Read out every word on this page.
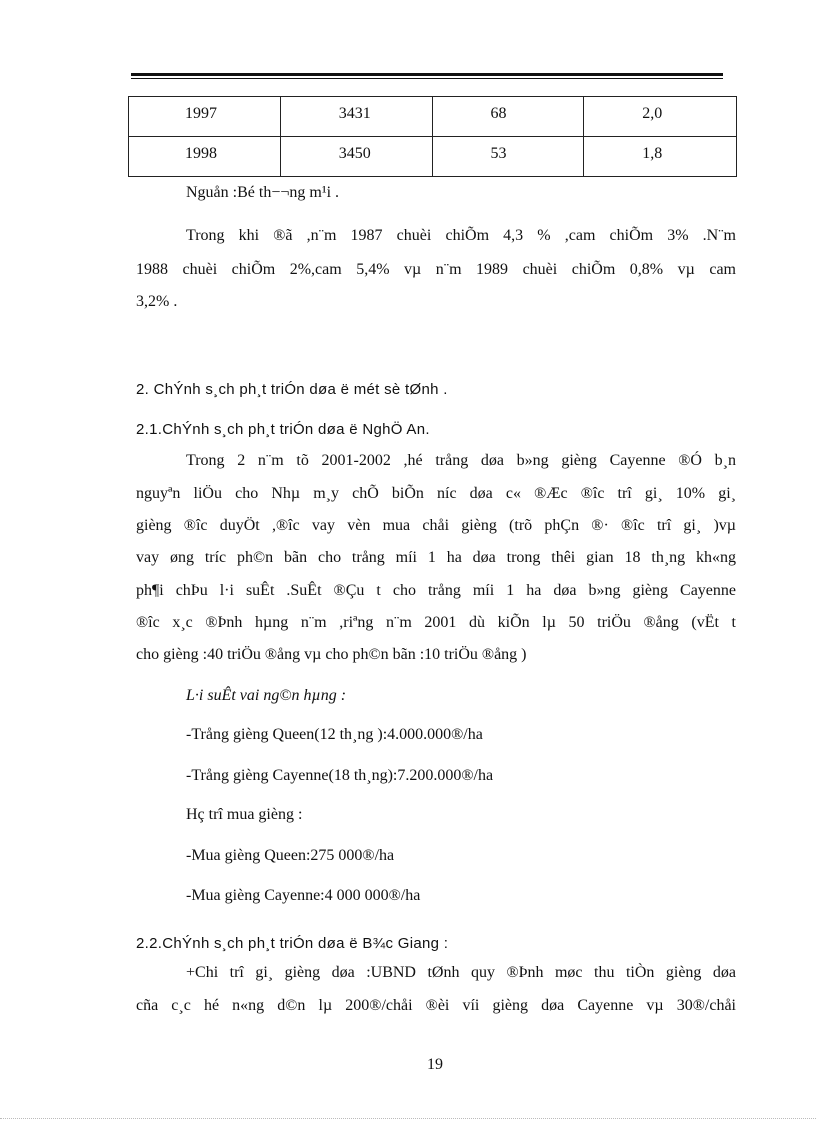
1997	3431	68	2,0
1998	3450	53	1,8
Nguån :Bé th−¬ng m¹i .
Trong khi ®ã ,n¨m 1987 chuèi chiÕm 4,3 % ,cam chiÕm 3% .N¨m
1988 chuèi chiÕm 2%,cam 5,4% vµ n¨m 1989 chuèi chiÕm 0,8% vµ cam
3,2% .
2. ChÝnh s¸ch ph¸t triÓn døa ë mét sè tØnh .
2.1.ChÝnh s¸ch ph¸t triÓn døa ë NghÖ An.
Trong 2 n¨m tõ 2001-2002 ,hé trång døa b»ng gièng Cayenne ®Ó b¸n
nguyªn liÖu cho Nhµ m¸y chÕ biÕn níc døa c« ®Æc ®îc trî gi¸ 10% gi¸
gièng ®îc duyÖt ,®îc vay vèn mua chåi gièng (trõ phÇn ®· ®îc trî gi¸ )vµ
vay øng tríc ph©n bãn cho trång míi 1 ha døa trong thêi gian 18 th¸ng kh«ng
ph¶i chÞu l·i suÊt .SuÊt ®Çu t cho trång míi 1 ha døa b»ng gièng Cayenne
®îc x¸c ®Þnh hµng n¨m ,riªng n¨m 2001 dù kiÕn lµ 50 triÖu ®ång (vËt t
cho gièng :40 triÖu ®ång vµ cho ph©n bãn :10 triÖu ®ång )
L·i suÊt vai ng©n hµng :
-Trång gièng Queen(12 th¸ng ):4.000.000®/ha
-Trång gièng Cayenne(18 th¸ng):7.200.000®/ha
Hç trî mua gièng :
-Mua gièng Queen:275 000®/ha
-Mua gièng Cayenne:4 000 000®/ha
2.2.ChÝnh s¸ch ph¸t triÓn døa ë B¾c Giang :
+Chi trî gi¸ gièng døa :UBND tØnh quy ®Þnh møc thu tiÒn gièng døa
cña c¸c hé n«ng d©n lµ 200®/chåi ®èi víi gièng døa Cayenne vµ 30®/chåi
19
